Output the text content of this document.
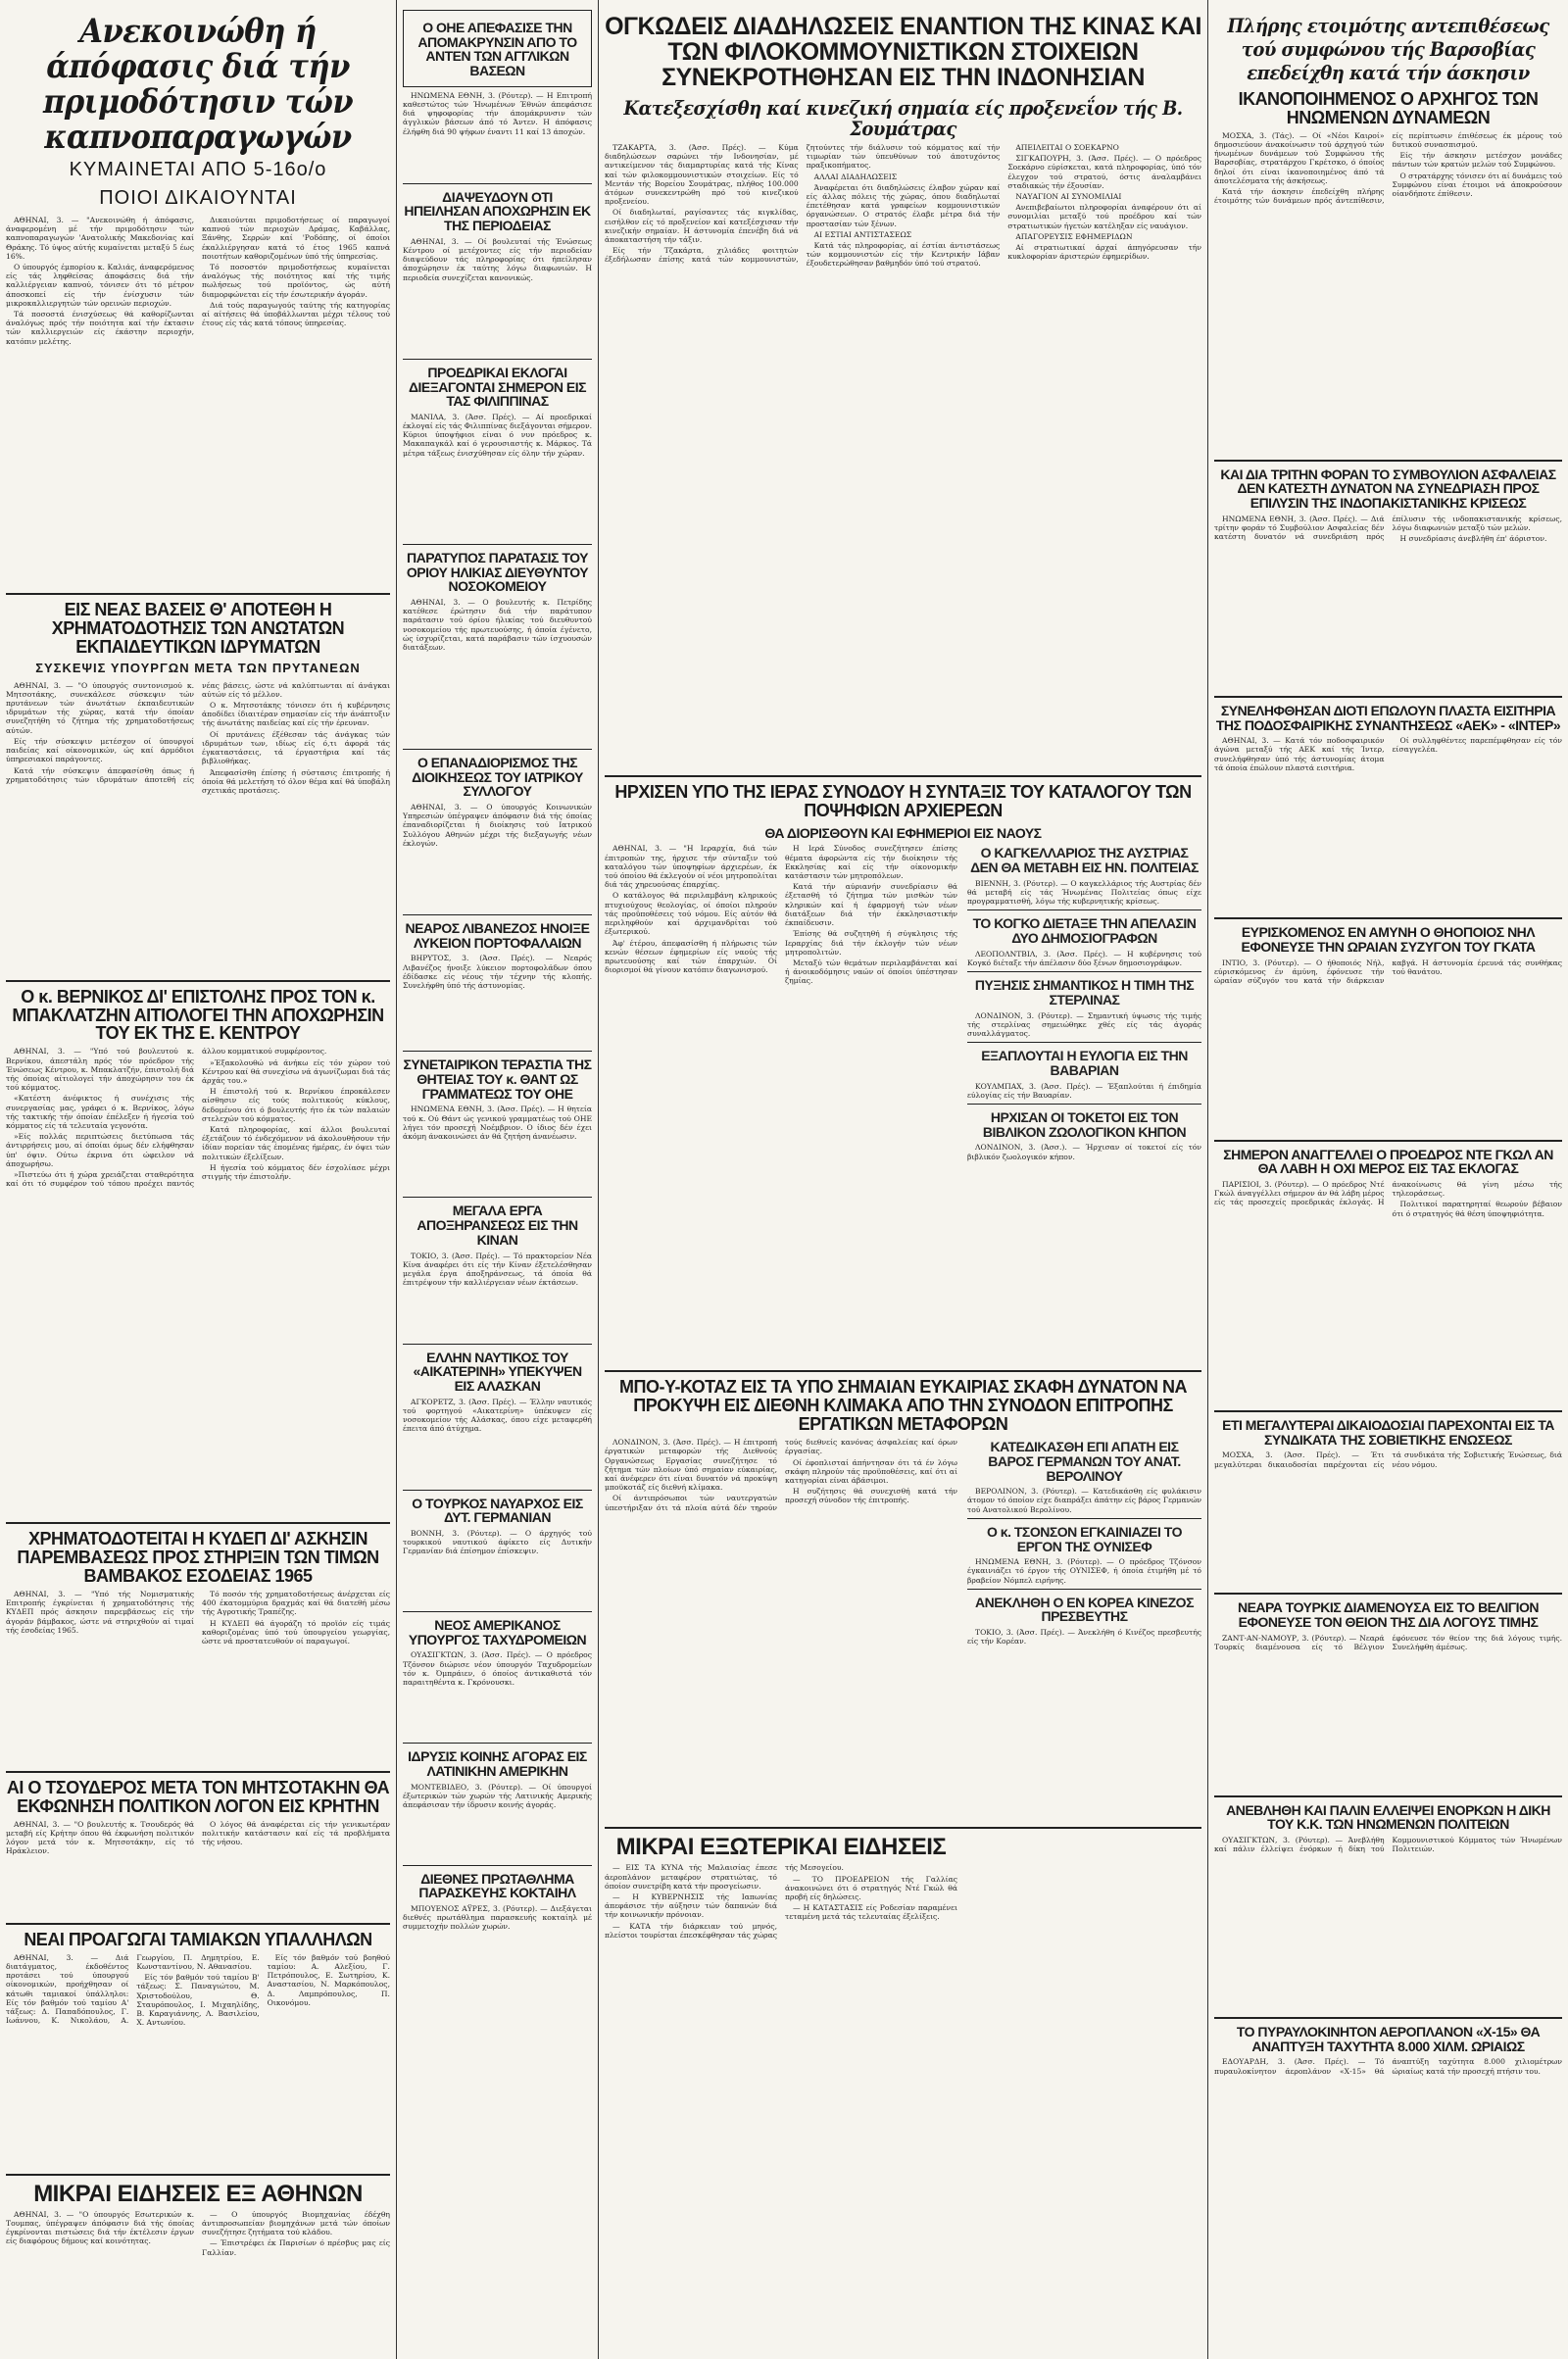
Ανεκοινώθη ή άπόφασις διά τήν πριμοδότησιν τών καπνοπαραγωγών
ΚΥΜΑΙΝΕΤΑΙ ΑΠΟ 5-16ο/ο
ΠΟΙΟΙ ΔΙΚΑΙΟΥΝΤΑΙ

ΑΘΗΝΑΙ, 3. — "Ανεκοινώθη ή άπόφασις, άναφερομένη μέ τήν πριμοδότησιν τών καπνοπαραγωγών 'Ανατολικής Μακεδονίας καί Θράκης. Τό ύψος αύτής κυμαίνεται μεταξύ 5 έως 16%.

Ο ύπουργός έμπορίου κ. Καλιάς, άναφερόμενος είς τάς ληφθείσας άποφάσεις διά τήν καλλιέργειαν καπνού, τόνισεν ότι τό μέτρον άποσκοπεί είς τήν ένίσχυσιν τών μικροκαλλιεργητών τών ορεινών περιοχών.

Τά ποσοστά ένισχύσεως θά καθορίζωνται άναλόγως πρός τήν ποιότητα καί τήν έκτασιν τών καλλιεργειών είς έκάστην περιοχήν, κατόπιν μελέτης.

Δικαιούνται πριμοδοτήσεως οί παραγωγοί καπνού τών περιοχών Δράμας, Καβάλλας, Ξάνθης, Σερρών καί 'Ροδόπης, οί όποίοι έκαλλιέργησαν κατά τό έτος 1965 καπνά ποιοτήτων καθοριζομένων ύπό τής ύπηρεσίας.

Τό ποσοστόν πριμοδοτήσεως κυμαίνεται άναλόγως τής ποιότητος καί τής τιμής πωλήσεως τού προϊόντος, ώς αύτή διαμορφώνεται είς τήν έσωτερικήν άγοράν.

Διά τούς παραγωγούς ταύτης τής κατηγορίας αί αίτήσεις θά ύποβάλλωνται μέχρι τέλους τού έτους είς τάς κατά τόπους ύπηρεσίας.

ΕΙΣ ΝΕΑΣ ΒΑΣΕΙΣ Θ' ΑΠΟΤΕΘΗ Η ΧΡΗΜΑΤΟΔΟΤΗΣΙΣ ΤΩΝ ΑΝΩΤΑΤΩΝ ΕΚΠΑΙΔΕΥΤΙΚΩΝ ΙΔΡΥΜΑΤΩΝ
ΣΥΣΚΕΨΙΣ ΥΠΟΥΡΓΩΝ ΜΕΤΑ ΤΩΝ ΠΡΥΤΑΝΕΩΝ

ΑΘΗΝΑΙ, 3. — "Ο ύπουργός συντονισμού κ. Μητσοτάκης, συνεκάλεσε σύσκεψιν τών πρυτάνεων τών άνωτάτων έκπαιδευτικών ιδρυμάτων τής χώρας, κατά τήν όποίαν συνεζητήθη τό ζήτημα τής χρηματοδοτήσεως αύτών.

Είς τήν σύσκεψιν μετέσχον οί ύπουργοί παιδείας καί οίκονομικών, ώς καί άρμόδιοι ύπηρεσιακοί παράγοντες.

Κατά τήν σύσκεψιν άπεφασίσθη όπως ή χρηματοδότησις τών ιδρυμάτων άποτεθή είς νέας βάσεις, ώστε νά καλύπτωνται αί άνάγκαι αύτών είς τό μέλλον.

Ο κ. Μητσοτάκης τόνισεν ότι ή κυβέρνησις άποδίδει ίδιαιτέραν σημασίαν είς τήν άνάπτυξιν τής άνωτάτης παιδείας καί είς τήν έρευναν.

Οί πρυτάνεις έξέθεσαν τάς άνάγκας τών ιδρυμάτων των, ιδίως είς ό,τι άφορά τάς έγκαταστάσεις, τά έργαστήρια καί τάς βιβλιοθήκας.

Άπεφασίσθη έπίσης ή σύστασις έπιτροπής ή όποία θά μελετήση τό όλον θέμα καί θά ύποβάλη σχετικάς προτάσεις.

Ο κ. ΒΕΡΝΙΚΟΣ ΔΙ' ΕΠΙΣΤΟΛΗΣ ΠΡΟΣ ΤΟΝ κ. ΜΠΑΚΛΑΤΖΗΝ ΑΙΤΙΟΛΟΓΕΙ ΤΗΝ ΑΠΟΧΩΡΗΣΙΝ ΤΟΥ ΕΚ ΤΗΣ Ε. ΚΕΝΤΡΟΥ

ΑΘΗΝΑΙ, 3. — "Υπό τού βουλευτού κ. Βερνίκου, άπεστάλη πρός τόν πρόεδρον τής Ένώσεως Κέντρου, κ. Μπακλατζήν, έπιστολή διά τής όποίας αίτιολογεί τήν άποχώρησιν του έκ τού κόμματος.

«Κατέστη άνέφικτος ή συνέχισις τής συνεργασίας μας, γράφει ό κ. Βερνίκος, λόγω τής τακτικής τήν όποίαν έπέλεξεν ή ήγεσία τού κόμματος είς τά τελευταία γεγονότα.

»Είς πολλάς περιπτώσεις διετύπωσα τάς άντιρρήσεις μου, αί όποίαι όμως δέν ελήφθησαν ύπ' όψιν. Ούτω έκρινα ότι ώφειλον νά άποχωρήσω.

»Πιστεύω ότι ή χώρα χρειάζεται σταθερότητα καί ότι τό συμφέρον τού τόπου προέχει παντός άλλου κομματικού συμφέροντος.

»Έξακολουθώ νά άνήκω είς τόν χώρον τού Κέντρου καί θά συνεχίσω νά άγωνίζωμαι διά τάς άρχάς του.»

Η έπιστολή τού κ. Βερνίκου έπροκάλεσεν αίσθησιν είς τούς πολιτικούς κύκλους, δεδομένου ότι ό βουλευτής ήτο έκ τών παλαιών στελεχών τού κόμματος.

Κατά πληροφορίας, καί άλλοι βουλευταί έξετάζουν τό ένδεχόμενον νά άκολουθήσουν τήν ίδίαν πορείαν τάς έπομένας ήμέρας, έν όψει τών πολιτικών έξελίξεων.

Η ήγεσία τού κόμματος δέν έσχολίασε μέχρι στιγμής τήν έπιστολήν.

ΧΡΗΜΑΤΟΔΟΤΕΙΤΑΙ Η ΚΥΔΕΠ ΔΙ' ΑΣΚΗΣΙΝ ΠΑΡΕΜΒΑΣΕΩΣ ΠΡΟΣ ΣΤΗΡΙΞΙΝ ΤΩΝ ΤΙΜΩΝ ΒΑΜΒΑΚΟΣ ΕΣΟΔΕΙΑΣ 1965

ΑΘΗΝΑΙ, 3. — "Υπό τής Νομισματικής Επιτροπής έγκρίνεται ή χρηματοδότησις τής ΚΥΔΕΠ πρός άσκησιν παρεμβάσεως είς τήν άγοράν βάμβακος, ώστε νά στηριχθούν αί τιμαί τής έσοδείας 1965.

Τό ποσόν τής χρηματοδοτήσεως άνέρχεται είς 400 έκατομμύρια δραχμάς καί θά διατεθή μέσω τής Αγροτικής Τραπέζης.

Η ΚΥΔΕΠ θά άγοράζη τό προϊόν είς τιμάς καθοριζομένας ύπό τού ύπουργείου γεωργίας, ώστε νά προστατευθούν οί παραγωγοί.

ΑΙ Ο ΤΣΟΥΔΕΡΟΣ ΜΕΤΑ ΤΟΝ ΜΗΤΣΟΤΑΚΗΝ ΘΑ ΕΚΦΩΝΗΣΗ ΠΟΛΙΤΙΚΟΝ ΛΟΓΟΝ ΕΙΣ ΚΡΗΤΗΝ

ΑΘΗΝΑΙ, 3. — "Ο βουλευτής κ. Τσουδερός θά μεταβή είς Κρήτην όπου θά έκφωνήση πολιτικόν λόγον μετά τόν κ. Μητσοτάκην, είς τό Ηράκλειον.

Ο λόγος θά άναφέρεται είς τήν γενικωτέραν πολιτικήν κατάστασιν καί είς τά προβλήματα τής νήσου.

ΝΕΑΙ ΠΡΟΑΓΩΓΑΙ ΤΑΜΙΑΚΩΝ ΥΠΑΛΛΗΛΩΝ

ΑΘΗΝΑΙ, 3. — Διά διατάγματος, έκδοθέντος προτάσει τού ύπουργού οίκονομικών, προήχθησαν οί κάτωθι ταμιακοί ύπάλληλοι: Είς τόν βαθμόν τού ταμίου Α' τάξεως: Δ. Παπαδόπουλος, Γ. Ιωάννου, Κ. Νικολάου, Α. Γεωργίου, Π. Δημητρίου, Ε. Κωνσταντίνου, Ν. Αθανασίου.

Είς τόν βαθμόν τού ταμίου Β' τάξεως: Σ. Παναγιώτου, Μ. Χριστοδούλου, Θ. Σταυρόπουλος, Ι. Μιχαηλίδης, Β. Καραγιάννης, Λ. Βασιλείου, Χ. Αντωνίου.

Είς τόν βαθμόν τού βοηθού ταμίου: Α. Αλεξίου, Γ. Πετρόπουλος, Ε. Σωτηρίου, Κ. Αναστασίου, Ν. Μαρκόπουλος, Δ. Λαμπρόπουλος, Π. Οικονόμου.

ΜΙΚΡΑΙ ΕΙΔΗΣΕΙΣ ΕΞ ΑΘΗΝΩΝ

ΑΘΗΝΑΙ, 3. — "Ο ύπουργός Εσωτερικών κ. Τουμπας, ύπέγραψεν άπόφασιν διά τής όποίας έγκρίνονται πιστώσεις διά τήν έκτέλεσιν έργων είς διαφόρους δήμους καί κοινότητας.

— Ο ύπουργός Βιομηχανίας έδέχθη άντιπροσωπείαν βιομηχάνων μετά τών όποίων συνεζήτησε ζητήματα τού κλάδου.

— Έπιστρέφει έκ Παρισίων ό πρέσβυς μας είς Γαλλίαν.

Ο ΟΗΕ ΑΠΕΦΑΣΙΣΕ ΤΗΝ ΑΠΟΜΑΚΡΥΝΣΙΝ ΑΠΟ ΤΟ ΑΝΤΕΝ ΤΩΝ ΑΓΓΛΙΚΩΝ ΒΑΣΕΩΝ

ΗΝΩΜΕΝΑ ΕΘΝΗ, 3. (Ρόυτερ). — Η Επιτροπή καθεστώτος τών Ήνωμένων Έθνών άπεφάσισε διά ψηφοφορίας τήν άπομάκρυνσιν τών άγγλικών βάσεων άπό τό Άντεν. Η άπόφασις έλήφθη διά 90 ψήφων έναντι 11 καί 13 άποχών.

ΔΙΑΨΕΥΔΟΥΝ ΟΤΙ ΗΠΕΙΛΗΣΑΝ ΑΠΟΧΩΡΗΣΙΝ ΕΚ ΤΗΣ ΠΕΡΙΟΔΕΙΑΣ

ΑΘΗΝΑΙ, 3. — Οί βουλευταί τής Ένώσεως Κέντρου οί μετέχοντες είς τήν περιοδείαν διαψεύδουν τάς πληροφορίας ότι ήπείλησαν άποχώρησιν έκ ταύτης λόγω διαφωνιών. Η περιοδεία συνεχίζεται κανονικώς.

ΠΡΟΕΔΡΙΚΑΙ ΕΚΛΟΓΑΙ ΔΙΕΞΑΓΟΝΤΑΙ ΣΗΜΕΡΟΝ ΕΙΣ ΤΑΣ ΦΙΛΙΠΠΙΝΑΣ

ΜΑΝΙΛΑ, 3. (Άσσ. Πρές). — Αί προεδρικαί έκλογαί είς τάς Φιλιππίνας διεξάγονται σήμερον. Κύριοι ύποψήφιοι είναι ό νυν πρόεδρος κ. Μακαπαγκάλ καί ό γερουσιαστής κ. Μάρκος. Τά μέτρα τάξεως ένισχύθησαν είς όλην τήν χώραν.

ΠΑΡΑΤΥΠΟΣ ΠΑΡΑΤΑΣΙΣ ΤΟΥ ΟΡΙΟΥ ΗΛΙΚΙΑΣ ΔΙΕΥΘΥΝΤΟΥ ΝΟΣΟΚΟΜΕΙΟΥ

ΑΘΗΝΑΙ, 3. — Ο βουλευτής κ. Πετρίδης κατέθεσε έρώτησιν διά τήν παράτυπον παράτασιν τού όρίου ήλικίας τού διευθυντού νοσοκομείου τής πρωτευούσης, ή όποία έγένετο, ώς ίσχυρίζεται, κατά παράβασιν τών ίσχυουσών διατάξεων.

Ο ΕΠΑΝΑΔΙΟΡΙΣΜΟΣ ΤΗΣ ΔΙΟΙΚΗΣΕΩΣ ΤΟΥ ΙΑΤΡΙΚΟΥ ΣΥΛΛΟΓΟΥ

ΑΘΗΝΑΙ, 3. — Ο ύπουργός Κοινωνικών Υπηρεσιών ύπέγραψεν άπόφασιν διά τής όποίας έπαναδιορίζεται ή διοίκησις τού Ιατρικού Συλλόγου Αθηνών μέχρι τής διεξαγωγής νέων έκλογών.

ΝΕΑΡΟΣ ΛΙΒΑΝΕΖΟΣ ΗΝΟΙΞΕ ΛΥΚΕΙΟΝ ΠΟΡΤΟΦΑΛΑΙΩΝ

ΒΗΡΥΤΟΣ, 3. (Άσσ. Πρές). — Νεαρός Λιβανέζος ήνοιξε λύκειον πορτοφολάδων όπου έδίδασκε είς νέους τήν τέχνην τής κλοπής. Συνελήφθη ύπό τής άστυνομίας.

ΣΥΝΕΤΑΙΡΙΚΟΝ ΤΕΡΑΣΤΙΑ ΤΗΣ ΘΗΤΕΙΑΣ ΤΟΥ κ. ΘΑΝΤ ΩΣ ΓΡΑΜΜΑΤΕΩΣ ΤΟΥ ΟΗΕ

ΗΝΩΜΕΝΑ ΕΘΝΗ, 3. (Άσσ. Πρές). — Η θητεία τού κ. Ού Θάντ ώς γενικού γραμματέως τού ΟΗΕ λήγει τόν προσεχή Νοέμβριον. Ο ίδιος δέν έχει άκόμη άνακοινώσει άν θά ζητήση άνανέωσιν.

ΜΕΓΑΛΑ ΕΡΓΑ ΑΠΟΞΗΡΑΝΣΕΩΣ ΕΙΣ ΤΗΝ ΚΙΝΑΝ

ΤΟΚΙΟ, 3. (Άσσ. Πρές). — Τό πρακτορείον Νέα Κίνα άναφέρει ότι είς τήν Κίναν έξετελέσθησαν μεγάλα έργα άποξηράνσεως, τά όποία θά έπιτρέψουν τήν καλλιέργειαν νέων έκτάσεων.

ΕΛΛΗΝ ΝΑΥΤΙΚΟΣ ΤΟΥ «ΑΙΚΑΤΕΡΙΝΗ» ΥΠΕΚΥΨΕΝ ΕΙΣ ΑΛΑΣΚΑΝ

ΑΓΚΟΡΕΤΖ, 3. (Άσσ. Πρές). — Έλλην ναυτικός τού φορτηγού «Αικατερίνη» ύπέκυψεν είς νοσοκομείον τής Αλάσκας, όπου είχε μεταφερθή έπειτα άπό άτύχημα.

Ο ΤΟΥΡΚΟΣ ΝΑΥΑΡΧΟΣ ΕΙΣ ΔΥΤ. ΓΕΡΜΑΝΙΑΝ

ΒΟΝΝΗ, 3. (Ρόυτερ). — Ο άρχηγός τού τουρκικού ναυτικού άφίκετο είς Δυτικήν Γερμανίαν διά έπίσημον έπίσκεψιν.

ΝΕΟΣ ΑΜΕΡΙΚΑΝΟΣ ΥΠΟΥΡΓΟΣ ΤΑΧΥΔΡΟΜΕΙΩΝ

ΟΥΑΣΙΓΚΤΩΝ, 3. (Άσσ. Πρές). — Ο πρόεδρος Τζόνσον διώρισε νέον ύπουργόν Ταχυδρομείων τόν κ. Όμπράιεν, ό όποίος άντικαθιστά τόν παραιτηθέντα κ. Γκρόνουσκι.

ΙΔΡΥΣΙΣ ΚΟΙΝΗΣ ΑΓΟΡΑΣ ΕΙΣ ΛΑΤΙΝΙΚΗΝ ΑΜΕΡΙΚΗΝ

ΜΟΝΤΕΒΙΔΕΟ, 3. (Ρόυτερ). — Οί ύπουργοί έξωτερικών τών χωρών τής Λατινικής Αμερικής άπεφάσισαν τήν ίδρυσιν κοινής άγοράς.

ΔΙΕΘΝΕΣ ΠΡΩΤΑΘΛΗΜΑ ΠΑΡΑΣΚΕΥΗΣ ΚΟΚΤΑΙΗΛ

ΜΠΟΥΕΝΟΣ ΑΫΡΕΣ, 3. (Ρόυτερ). — Διεξάγεται διεθνές πρωτάθλημα παρασκευής κοκταίηλ μέ συμμετοχήν πολλών χωρών.

ΟΓΚΩΔΕΙΣ ΔΙΑΔΗΛΩΣΕΙΣ ΕΝΑΝΤΙΟΝ ΤΗΣ ΚΙΝΑΣ ΚΑΙ ΤΩΝ ΦΙΛΟΚΟΜΜΟΥΝΙΣΤΙΚΩΝ ΣΤΟΙΧΕΙΩΝ ΣΥΝΕΚΡΟΤΗΘΗΣΑΝ ΕΙΣ ΤΗΝ ΙΝΔΟΝΗΣΙΑΝ
Κατεξεσχίσθη καί κινεζική σημαία είς προξενεΐον τής Β. Σουμάτρας

ΤΖΑΚΑΡΤΑ, 3. (Άσσ. Πρές). — Κύμα διαδηλώσεων σαρώνει τήν Ινδονησίαν, μέ αντικείμενον τάς διαμαρτυρίας κατά τής Κίνας καί τών φιλοκομμουνιστικών στοιχείων. Είς τό Μεντάν τής Βορείου Σουμάτρας, πλήθος 100.000 άτόμων συνεκεντρώθη πρό τού κινεζικού προξενείου.

Οί διαδηλωταί, ραγίσαντες τάς κιγκλίδας, εισήλθον είς τό προξενείον καί κατεξέσχισαν τήν κινεζικήν σημαίαν. Η άστυνομία έπενέβη διά νά άποκαταστήση τήν τάξιν.

Είς τήν Τζακάρτα, χιλιάδες φοιτητών έξεδήλωσαν έπίσης κατά τών κομμουνιστών, ζητούντες τήν διάλυσιν τού κόμματος καί τήν τιμωρίαν τών ύπευθύνων τού άποτυχόντος πραξικοπήματος.

ΑΛΛΑΙ ΔΙΑΔΗΛΩΣΕΙΣ

Άναφέρεται ότι διαδηλώσεις έλαβον χώραν καί είς άλλας πόλεις τής χώρας, όπου διαδηλωταί έπετέθησαν κατά γραφείων κομμουνιστικών όργανώσεων. Ο στρατός έλαβε μέτρα διά τήν προστασίαν τών ξένων.

ΑΙ ΕΣΤΙΑΙ ΑΝΤΙΣΤΑΣΕΩΣ

Κατά τάς πληροφορίας, αί έστίαι άντιστάσεως τών κομμουνιστών είς τήν Κεντρικήν Ιάβαν έξουδετερώθησαν βαθμηδόν ύπό τού στρατού.

ΑΠΕΙΛΕΙΤΑΙ Ο ΣΟΕΚΑΡΝΟ

ΣΙΓΚΑΠΟΥΡΗ, 3. (Άσσ. Πρές). — Ο πρόεδρος Σοεκάρνο εύρίσκεται, κατά πληροφορίας, ύπό τόν έλεγχον τού στρατού, όστις άναλαμβάνει σταδιακώς τήν έξουσίαν.

ΝΑΥΑΓΙΟΝ ΑΙ ΣΥΝΟΜΙΛΙΑΙ

Ανεπιβεβαίωτοι πληροφορίαι άναφέρουν ότι αί συνομιλίαι μεταξύ τού προέδρου καί τών στρατιωτικών ήγετών κατέληξαν είς ναυάγιον.

ΑΠΑΓΟΡΕΥΣΙΣ ΕΦΗΜΕΡΙΔΩΝ

Αί στρατιωτικαί άρχαί άπηγόρευσαν τήν κυκλοφορίαν άριστερών έφημερίδων.

ΗΡΧΙΣΕΝ ΥΠΟ ΤΗΣ ΙΕΡΑΣ ΣΥΝΟΔΟΥ Η ΣΥΝΤΑΞΙΣ ΤΟΥ ΚΑΤΑΛΟΓΟΥ ΤΩΝ ΠΟΨΗΦΙΩΝ ΑΡΧΙΕΡΕΩΝ
ΘΑ ΔΙΟΡΙΣΘΟΥΝ ΚΑΙ ΕΦΗΜΕΡΙΟΙ ΕΙΣ ΝΑΟΥΣ

ΑΘΗΝΑΙ, 3. — "Η Ιεραρχία, διά τών έπιτροπών της, ήρχισε τήν σύνταξιν τού καταλόγου τών ύποψηφίων άρχιερέων, έκ τού όποίου θά έκλεγούν οί νέοι μητροπολίται διά τάς χηρευούσας έπαρχίας.

Ο κατάλογος θά περιλαμβάνη κληρικούς πτυχιούχους θεολογίας, οί όποίοι πληρούν τάς προϋποθέσεις τού νόμου. Είς αύτόν θά περιληφθούν καί άρχιμανδρίται τού έξωτερικού.

Άφ' έτέρου, άπεφασίσθη ή πλήρωσις τών κενών θέσεων έφημερίων είς ναούς τής πρωτευούσης καί τών έπαρχιών. Οί διορισμοί θά γίνουν κατόπιν διαγωνισμού.

Η Ιερά Σύνοδος συνεζήτησεν έπίσης θέματα άφορώντα είς τήν διοίκησιν τής Εκκλησίας καί είς τήν οίκονομικήν κατάστασιν τών μητροπόλεων.

Κατά τήν αύριανήν συνεδρίασιν θά έξετασθή τό ζήτημα τών μισθών τών κληρικών καί ή έφαρμογή τών νέων διατάξεων διά τήν έκκλησιαστικήν έκπαίδευσιν.

Έπίσης θά συζητηθή ή σύγκλησις τής Ιεραρχίας διά τήν έκλογήν τών νέων μητροπολιτών.

Μεταξύ τών θεμάτων περιλαμβάνεται καί ή άνοικοδόμησις ναών οί όποίοι ύπέστησαν ζημίας.

Ο ΚΑΓΚΕΛΛΑΡΙΟΣ ΤΗΣ ΑΥΣΤΡΙΑΣ ΔΕΝ ΘΑ ΜΕΤΑΒΗ ΕΙΣ ΗΝ. ΠΟΛΙΤΕΙΑΣ

ΒΙΕΝΝΗ, 3. (Ρόυτερ). — Ο καγκελλάριος τής Αυστρίας δέν θά μεταβή είς τάς Ήνωμένας Πολιτείας όπως είχε προγραμματισθή, λόγω τής κυβερνητικής κρίσεως.

ΤΟ ΚΟΓΚΟ ΔΙΕΤΑΞΕ ΤΗΝ ΑΠΕΛΑΣΙΝ ΔΥΟ ΔΗΜΟΣΙΟΓΡΑΦΩΝ

ΛΕΟΠΟΛΝΤΒΙΛ, 3. (Άσσ. Πρές). — Η κυβέρνησις τού Κογκό διέταξε τήν άπέλασιν δύο ξένων δημοσιογράφων.

ΠΥΞΗΣΙΣ ΣΗΜΑΝΤΙΚΟΣ Η ΤΙΜΗ ΤΗΣ ΣΤΕΡΛΙΝΑΣ

ΛΟΝΔΙΝΟΝ, 3. (Ρόυτερ). — Σημαντική ύψωσις τής τιμής τής στερλίνας σημειώθηκε χθές είς τάς άγοράς συναλλάγματος.

ΕΞΑΠΛΟΥΤΑΙ Η ΕΥΛΟΓΙΑ ΕΙΣ ΤΗΝ ΒΑΒΑΡΙΑΝ

ΚΟΥΛΜΠΑΧ, 3. (Άσσ. Πρές). — Έξαπλούται ή έπιδημία εύλογίας είς τήν Βαυαρίαν.

ΗΡΧΙΣΑΝ ΟΙ ΤΟΚΕΤΟΙ ΕΙΣ ΤΟΝ ΒΙΒΛΙΚΟΝ ΖΩΟΛΟΓΙΚΟΝ ΚΗΠΟΝ

ΛΟΝΔΙΝΟΝ, 3. (Άσσ.). — Ήρχισαν οί τοκετοί είς τόν βιβλικόν ζωολογικόν κήπον.

ΜΠΟ-Υ-ΚΟΤΑΖ ΕΙΣ ΤΑ ΥΠΟ ΣΗΜΑΙΑΝ ΕΥΚΑΙΡΙΑΣ ΣΚΑΦΗ ΔΥΝΑΤΟΝ ΝΑ ΠΡΟΚΥΨΗ ΕΙΣ ΔΙΕΘΝΗ ΚΛΙΜΑΚΑ ΑΠΟ ΤΗΝ ΣΥΝΟΔΟΝ ΕΠΙΤΡΟΠΗΣ ΕΡΓΑΤΙΚΩΝ ΜΕΤΑΦΟΡΩΝ

ΛΟΝΔΙΝΟΝ, 3. (Άσσ. Πρές). — Η έπιτροπή έργατικών μεταφορών τής Διεθνούς Οργανώσεως Εργασίας συνεζήτησε τό ζήτημα τών πλοίων ύπό σημαίαν εύκαιρίας, καί άνέφερεν ότι είναι δυνατόν νά προκύψη μποϋκοτάζ είς διεθνή κλίμακα.

Οί άντιπρόσωποι τών ναυτεργατών ύπεστήριξαν ότι τά πλοία αύτά δέν τηρούν τούς διεθνείς κανόνας άσφαλείας καί όρων έργασίας.

Οί έφοπλισταί άπήντησαν ότι τά έν λόγω σκάφη πληρούν τάς προϋποθέσεις, καί ότι αί κατηγορίαι είναι άβάσιμοι.

Η συζήτησις θά συνεχισθή κατά τήν προσεχή σύνοδον τής έπιτροπής.

ΚΑΤΕΔΙΚΑΣΘΗ ΕΠΙ ΑΠΑΤΗ ΕΙΣ ΒΑΡΟΣ ΓΕΡΜΑΝΩΝ ΤΟΥ ΑΝΑΤ. ΒΕΡΟΛΙΝΟΥ

ΒΕΡΟΛΙΝΟΝ, 3. (Ρόυτερ). — Κατεδικάσθη είς φυλάκισιν άτομον τό όποίον είχε διαπράξει άπάτην είς βάρος Γερμανών τού Ανατολικού Βερολίνου.

Ο κ. ΤΣΟΝΣΟΝ ΕΓΚΑΙΝΙΑΖΕΙ ΤΟ ΕΡΓΟΝ ΤΗΣ ΟΥΝΙΣΕΦ

ΗΝΩΜΕΝΑ ΕΘΝΗ, 3. (Ρόυτερ). — Ο πρόεδρος Τζόνσον έγκαινιάζει τό έργον τής ΟΥΝΙΣΕΦ, ή όποία έτιμήθη μέ τό βραβείον Νόμπελ ειρήνης.

ΑΝΕΚΛΗΘΗ Ο ΕΝ ΚΟΡΕΑ ΚΙΝΕΖΟΣ ΠΡΕΣΒΕΥΤΗΣ

ΤΟΚΙΟ, 3. (Άσσ. Πρές). — Άνεκλήθη ό Κινέζος πρεσβευτής είς τήν Κορέαν.

ΜΙΚΡΑΙ ΕΞΩΤΕΡΙΚΑΙ ΕΙΔΗΣΕΙΣ

— ΕΙΣ ΤΑ ΚΥΝΑ τής Μαλαισίας έπεσε άεροπλάνον μεταφέρον στρατιώτας, τό όποίον συνετρίβη κατά τήν προσγείωσιν.

— Η ΚΥΒΕΡΝΗΣΙΣ τής Ιαπωνίας άπεφάσισε τήν αύξησιν τών δαπανών διά τήν κοινωνικήν πρόνοιαν.

— ΚΑΤΑ τήν διάρκειαν τού μηνός, πλείστοι τουρίσται έπεσκέφθησαν τάς χώρας τής Μεσογείου.

— ΤΟ ΠΡΟΕΔΡΕΙΟΝ τής Γαλλίας άνακοινώνει ότι ό στρατηγός Ντέ Γκώλ θά προβή είς δηλώσεις.

— Η ΚΑΤΑΣΤΑΣΙΣ είς Ροδεσίαν παραμένει τεταμένη μετά τάς τελευταίας έξελίξεις.

Πλήρης ετοιμότης αντεπιθέσεως τού συμφώνου τής Βαρσοβίας επεδείχθη κατά τήν άσκησιν
ΙΚΑΝΟΠΟΙΗΜΕΝΟΣ Ο ΑΡΧΗΓΟΣ ΤΩΝ ΗΝΩΜΕΝΩΝ ΔΥΝΑΜΕΩΝ

ΜΟΣΧΑ, 3. (Τάς). — Οί «Νέοι Καιροί» δημοσιεύουν άνακοίνωσιν τού άρχηγού τών ήνωμένων δυνάμεων τού Συμφώνου τής Βαρσοβίας, στρατάρχου Γκρέτσκο, ό όποίος δηλοί ότι είναι ίκανοποιημένος άπό τά άποτελέσματα τής άσκήσεως.

Κατά τήν άσκησιν έπεδείχθη πλήρης έτοιμότης τών δυνάμεων πρός άντεπίθεσιν, είς περίπτωσιν έπιθέσεως έκ μέρους τού δυτικού συνασπισμού.

Είς τήν άσκησιν μετέσχον μονάδες πάντων τών κρατών μελών τού Συμφώνου.

Ο στρατάρχης τόνισεν ότι αί δυνάμεις τού Συμφώνου είναι έτοιμοι νά άποκρούσουν οίανδήποτε έπίθεσιν.

ΚΑΙ ΔΙΑ ΤΡΙΤΗΝ ΦΟΡΑΝ ΤΟ ΣΥΜΒΟΥΛΙΟΝ ΑΣΦΑΛΕΙΑΣ ΔΕΝ ΚΑΤΕΣΤΗ ΔΥΝΑΤΟΝ ΝΑ ΣΥΝΕΔΡΙΑΣΗ ΠΡΟΣ ΕΠΙΛΥΣΙΝ ΤΗΣ ΙΝΔΟΠΑΚΙΣΤΑΝΙΚΗΣ ΚΡΙΣΕΩΣ

ΗΝΩΜΕΝΑ ΕΘΝΗ, 3. (Άσσ. Πρές). — Διά τρίτην φοράν τό Συμβούλιον Ασφαλείας δέν κατέστη δυνατόν νά συνεδριάση πρός έπίλυσιν τής ινδοπακιστανικής κρίσεως, λόγω διαφωνιών μεταξύ τών μελών.

Η συνεδρίασις άνεβλήθη έπ' άόριστον.

ΣΥΝΕΛΗΦΘΗΣΑΝ ΔΙΟΤΙ ΕΠΩΛΟΥΝ ΠΛΑΣΤΑ ΕΙΣΙΤΗΡΙΑ ΤΗΣ ΠΟΔΟΣΦΑΙΡΙΚΗΣ ΣΥΝΑΝΤΗΣΕΩΣ «ΑΕΚ» - «ΙΝΤΕΡ»

ΑΘΗΝΑΙ, 3. — Κατά τόν ποδοσφαιρικόν άγώνα μεταξύ τής ΑΕΚ καί τής Ίντερ, συνελήφθησαν ύπό τής άστυνομίας άτομα τά όποία έπώλουν πλαστά εισιτήρια.

Οί συλληφθέντες παρεπέμφθησαν είς τόν είσαγγελέα.

ΕΥΡΙΣΚΟΜΕΝΟΣ ΕΝ ΑΜΥΝΗ Ο ΘΗΟΠΟΙΟΣ ΝΗΛ ΕΦΟΝΕΥΣΕ ΤΗΝ ΩΡΑΙΑΝ ΣΥΖΥΓΟΝ ΤΟΥ ΓΚΑΤΑ

ΙΝΤΙΟ, 3. (Ρόυτερ). — Ο ήθοποιός Νήλ, εύρισκόμενος έν άμύνη, έφόνευσε τήν ώραίαν σύζυγόν του κατά τήν διάρκειαν καβγά. Η άστυνομία έρευνά τάς συνθήκας τού θανάτου.

ΣΗΜΕΡΟΝ ΑΝΑΓΓΕΛΛΕΙ Ο ΠΡΟΕΔΡΟΣ ΝΤΕ ΓΚΩΛ ΑΝ ΘΑ ΛΑΒΗ Η ΟΧΙ ΜΕΡΟΣ ΕΙΣ ΤΑΣ ΕΚΛΟΓΑΣ

ΠΑΡΙΣΙΟΙ, 3. (Ρόυτερ). — Ο πρόεδρος Ντέ Γκώλ άναγγέλλει σήμερον άν θά λάβη μέρος είς τάς προσεχείς προεδρικάς έκλογάς. Η άνακοίνωσις θά γίνη μέσω τής τηλεοράσεως.

Πολιτικοί παρατηρηταί θεωρούν βέβαιον ότι ό στρατηγός θά θέση ύποψηφιότητα.

ΕΤΙ ΜΕΓΑΛΥΤΕΡΑΙ ΔΙΚΑΙΟΔΟΣΙΑΙ ΠΑΡΕΧΟΝΤΑΙ ΕΙΣ ΤΑ ΣΥΝΔΙΚΑΤΑ ΤΗΣ ΣΟΒΙΕΤΙΚΗΣ ΕΝΩΣΕΩΣ

ΜΟΣΧΑ, 3. (Άσσ. Πρές). — Έτι μεγαλύτεραι δικαιοδοσίαι παρέχονται είς τά συνδικάτα τής Σοβιετικής Ένώσεως, διά νέου νόμου.

ΝΕΑΡΑ ΤΟΥΡΚΙΣ ΔΙΑΜΕΝΟΥΣΑ ΕΙΣ ΤΟ ΒΕΛΙΓΙΟΝ ΕΦΟΝΕΥΣΕ ΤΟΝ ΘΕΙΟΝ ΤΗΣ ΔΙΑ ΛΟΓΟΥΣ ΤΙΜΗΣ

ΖΑΝΤ-ΑΝ-ΝΑΜΟΥΡ, 3. (Ρόυτερ). — Νεαρά Τουρκίς διαμένουσα είς τό Βέλγιον έφόνευσε τόν θείον της διά λόγους τιμής. Συνελήφθη άμέσως.

ΑΝΕΒΛΗΘΗ ΚΑΙ ΠΑΛΙΝ ΕΛΛΕΙΨΕΙ ΕΝΟΡΚΩΝ Η ΔΙΚΗ ΤΟΥ Κ.Κ. ΤΩΝ ΗΝΩΜΕΝΩΝ ΠΟΛΙΤΕΙΩΝ

ΟΥΑΣΙΓΚΤΩΝ, 3. (Ρόυτερ). — Άνεβλήθη καί πάλιν έλλείψει ένόρκων ή δίκη τού Κομμουνιστικού Κόμματος τών Ήνωμένων Πολιτειών.

ΤΟ ΠΥΡΑΥΛΟΚΙΝΗΤΟΝ ΑΕΡΟΠΛΑΝΟΝ «Χ-15» ΘΑ ΑΝΑΠΤΥΞΗ ΤΑΧΥΤΗΤΑ 8.000 ΧΙΛΜ. ΩΡΙΑΙΩΣ

ΕΔΟΥΑΡΔΗ, 3. (Άσσ. Πρές). — Τό πυραυλοκίνητον άεροπλάνον «Χ-15» θά άναπτύξη ταχύτητα 8.000 χιλιομέτρων ώριαίως κατά τήν προσεχή πτήσιν του.
